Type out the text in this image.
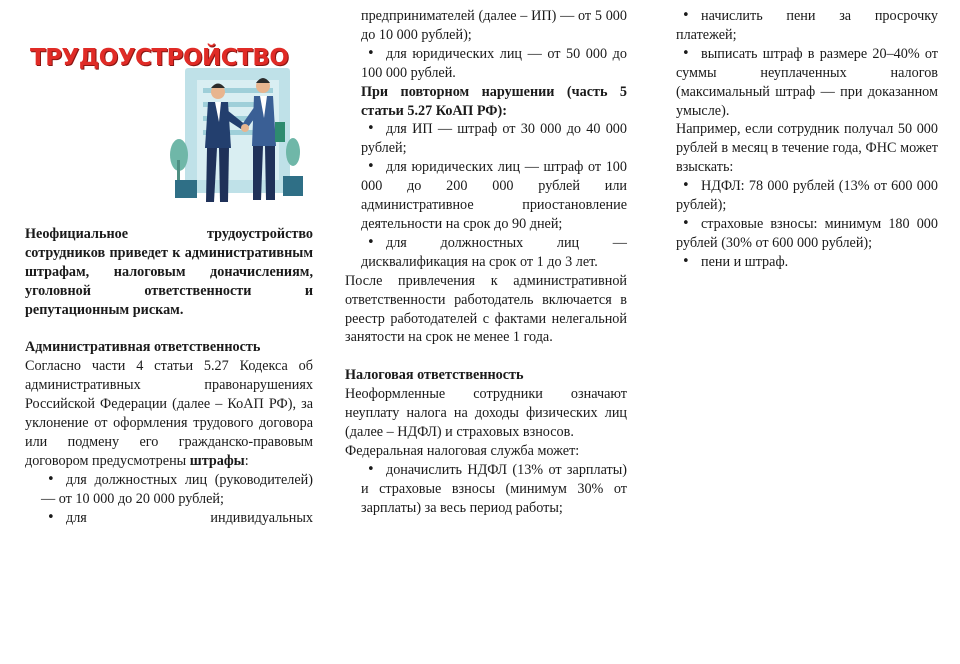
ТРУДОУСТРОЙСТВО
Неофициальное трудоустройство сотрудников приведет к административным штрафам, налоговым доначислениям, уголовной ответственности и репутационным рискам.
Административная ответственность
Согласно части 4 статьи 5.27 Кодекса об административных правонарушениях Российской Федерации (далее – КоАП РФ), за уклонение от оформления трудового договора или подмену его гражданско-правовым договором предусмотрены штрафы:
• для должностных лиц (руководителей) — от 10 000 до 20 000 рублей;
• для индивидуальных
предпринимателей (далее – ИП) — от 5 000 до 10 000 рублей);
• для юридических лиц — от 50 000 до 100 000 рублей.
При повторном нарушении (часть 5 статьи 5.27 КоАП РФ):
• для ИП — штраф от 30 000 до 40 000 рублей;
• для юридических лиц — штраф от 100 000 до 200 000 рублей или административное приостановление деятельности на срок до 90 дней;
• для должностных лиц — дисквалификация на срок от 1 до 3 лет.
После привлечения к административной ответственности работодатель включается в реестр работодателей с фактами нелегальной занятости на срок не менее 1 года.
Налоговая ответственность
Неоформленные сотрудники означают неуплату налога на доходы физических лиц (далее – НДФЛ) и страховых взносов.
Федеральная налоговая служба может:
• доначислить НДФЛ (13% от зарплаты) и страховые взносы (минимум 30% от зарплаты) за весь период работы;
• начислить пени за просрочку платежей;
• выписать штраф в размере 20–40% от суммы неуплаченных налогов (максимальный штраф — при доказанном умысле).
Например, если сотрудник получал 50 000 рублей в месяц в течение года, ФНС может взыскать:
• НДФЛ: 78 000 рублей (13% от 600 000 рублей);
• страховые взносы: минимум 180 000 рублей (30% от 600 000 рублей);
• пени и штраф.
